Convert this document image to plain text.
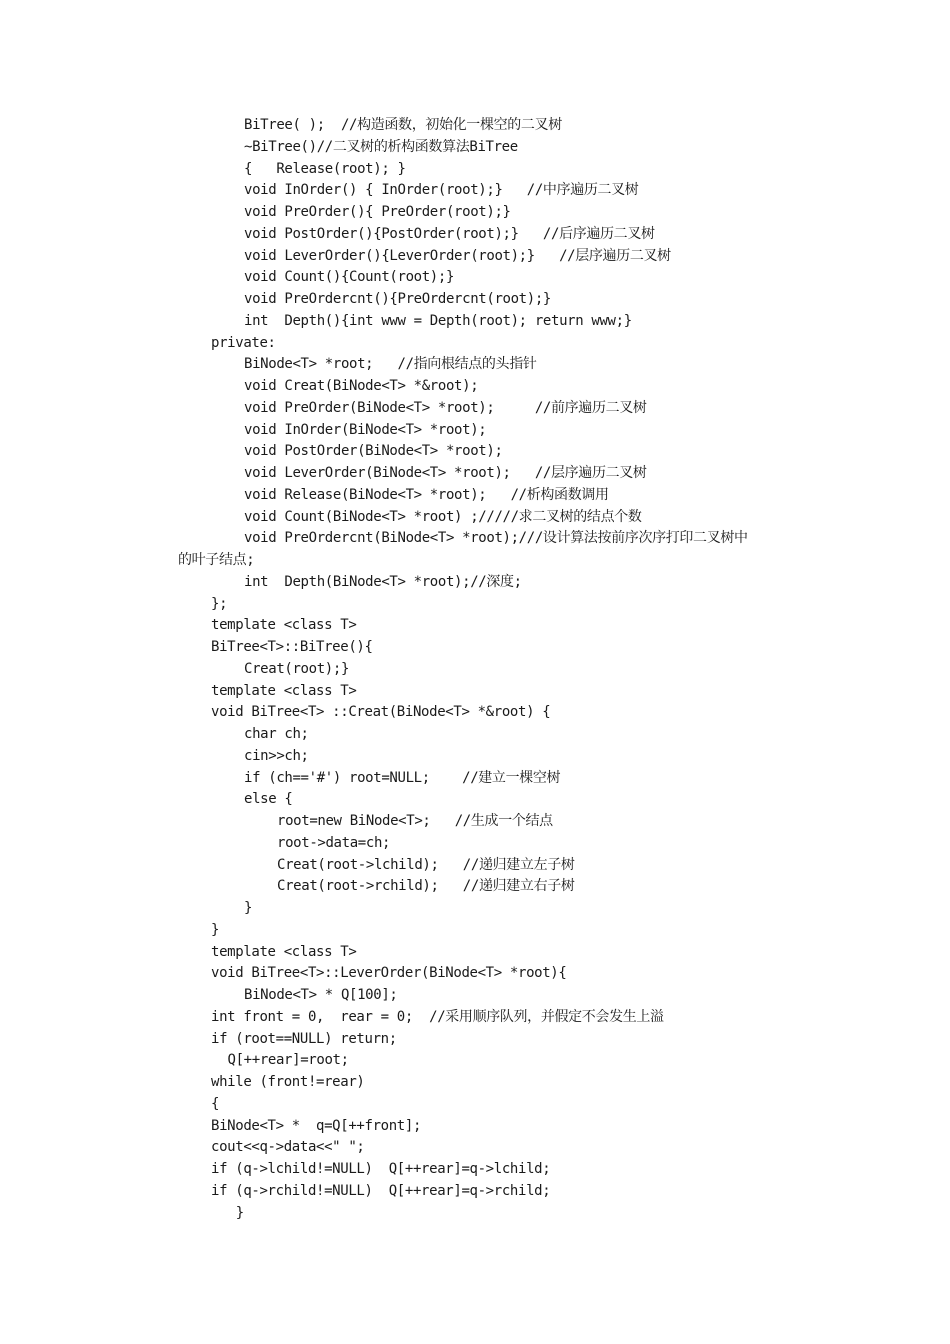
BiTree( );  //构造函数，初始化一棵空的二叉树
~BiTree()//二叉树的析构函数算法BiTree
{   Release(root); }
void InOrder() { InOrder(root);}   //中序遍历二叉树
void PreOrder(){ PreOrder(root);}
void PostOrder(){PostOrder(root);}   //后序遍历二叉树
void LeverOrder(){LeverOrder(root);}   //层序遍历二叉树
void Count(){Count(root);}
void PreOrdercnt(){PreOrdercnt(root);}
int  Depth(){int www = Depth(root); return www;}
private:
BiNode<T> *root;   //指向根结点的头指针
void Creat(BiNode<T> *&root);
void PreOrder(BiNode<T> *root);     //前序遍历二叉树
void InOrder(BiNode<T> *root);
void PostOrder(BiNode<T> *root);
void LeverOrder(BiNode<T> *root);   //层序遍历二叉树
void Release(BiNode<T> *root);   //析构函数调用
void Count(BiNode<T> *root) ;/////求二叉树的结点个数
void PreOrdercnt(BiNode<T> *root);///设计算法按前序次序打印二叉树中
的叶子结点;
int  Depth(BiNode<T> *root);//深度;
};
template <class T>
BiTree<T>::BiTree(){
Creat(root);}
template <class T>
void BiTree<T> ::Creat(BiNode<T> *&root) {
char ch;
cin>>ch;
if (ch=='#') root=NULL;    //建立一棵空树
else {
root=new BiNode<T>;   //生成一个结点
root->data=ch;
Creat(root->lchild);   //递归建立左子树
Creat(root->rchild);   //递归建立右子树
}
}
template <class T>
void BiTree<T>::LeverOrder(BiNode<T> *root){
BiNode<T> * Q[100];
int front = 0,  rear = 0;  //采用顺序队列，并假定不会发生上溢
if (root==NULL) return;
Q[++rear]=root;
while (front!=rear)
{
BiNode<T> *  q=Q[++front];
cout<<q->data<<" ";
if (q->lchild!=NULL)  Q[++rear]=q->lchild;
if (q->rchild!=NULL)  Q[++rear]=q->rchild;
}
